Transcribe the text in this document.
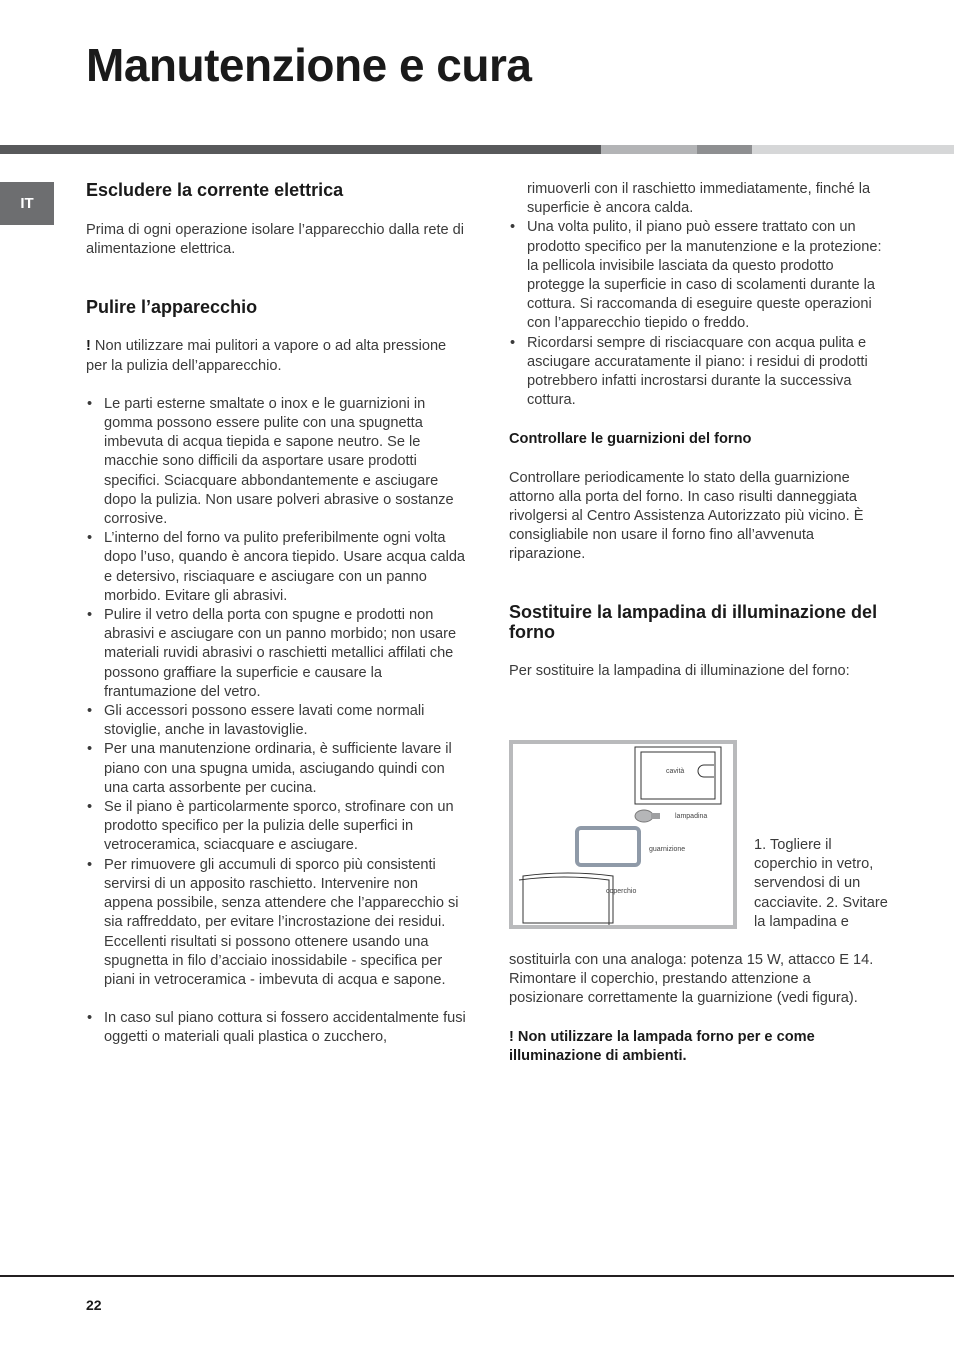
Manutenzione e cura
IT
Escludere la corrente elettrica

Prima di ogni operazione isolare l’apparecchio dalla rete di alimentazione elettrica.

Pulire l’apparecchio

! Non utilizzare mai pulitori a vapore o ad alta pressione per la pulizia dell’apparecchio.

• Le parti esterne smaltate o inox e le guarnizioni in gomma possono essere pulite con una spugnetta imbevuta di acqua tiepida e sapone neutro. Se le macchie sono difficili da asportare usare prodotti specifici. Sciacquare abbondantemente e asciugare dopo la pulizia. Non usare polveri abrasive o sostanze corrosive.
• L’interno del forno va pulito preferibilmente ogni volta dopo l’uso, quando è ancora tiepido. Usare acqua calda e detersivo, risciaquare e asciugare con un panno morbido. Evitare gli abrasivi.
• Pulire il vetro della porta con spugne e prodotti non abrasivi e asciugare con un panno morbido; non usare materiali ruvidi abrasivi o raschietti metallici affilati che possono graffiare la superficie e causare la frantumazione del vetro.
• Gli accessori possono essere lavati come normali stoviglie, anche in lavastoviglie.
• Per una manutenzione ordinaria, è sufficiente lavare il piano con una spugna umida, asciugando quindi con una carta assorbente per cucina.
• Se il piano è particolarmente sporco, strofinare con un prodotto specifico per la pulizia delle superfici in vetroceramica, sciacquare e asciugare.
• Per rimuovere gli accumuli di sporco più consistenti servirsi di un apposito raschietto. Intervenire non appena possibile, senza attendere che l’apparecchio si sia raffreddato, per evitare l’incrostazione dei residui. Eccellenti risultati si possono ottenere usando una spugnetta in filo d’acciaio inossidabile - specifica per piani in vetroceramica - imbevuta di acqua e sapone.
• In caso sul piano cottura si fossero accidentalmente fusi oggetti o materiali quali plastica o zucchero,
rimuoverli con il raschietto immediatamente, finché la superficie è ancora calda.
• Una volta pulito, il piano può essere trattato con un prodotto specifico per la manutenzione e la protezione: la pellicola invisibile lasciata da questo prodotto protegge la superficie in caso di scolamenti durante la cottura. Si raccomanda di eseguire queste operazioni con l’apparecchio tiepido o freddo.
• Ricordarsi sempre di risciacquare con acqua pulita e asciugare accuratamente il piano: i residui di prodotti potrebbero infatti incrostarsi durante la successiva cottura.
Controllare le guarnizioni del forno

Controllare periodicamente lo stato della guarnizione attorno alla porta del forno. In caso risulti danneggiata rivolgersi al Centro Assistenza Autorizzato più vicino. È consigliabile non usare il forno fino all’avvenuta riparazione.

Sostituire la lampadina di illuminazione del forno

Per sostituire la lampadina di illuminazione del forno:

cavità
lampadina
guarnizione
coperchio
1. Togliere il coperchio in vetro, servendosi di un cacciavite. 2. Svitare la lampadina e

sostituirla con una analoga: potenza 15 W, attacco E 14.

Rimontare il coperchio, prestando attenzione a posizionare correttamente la guarnizione (vedi figura).

! Non utilizzare la lampada forno per e come illuminazione di ambienti.

22
